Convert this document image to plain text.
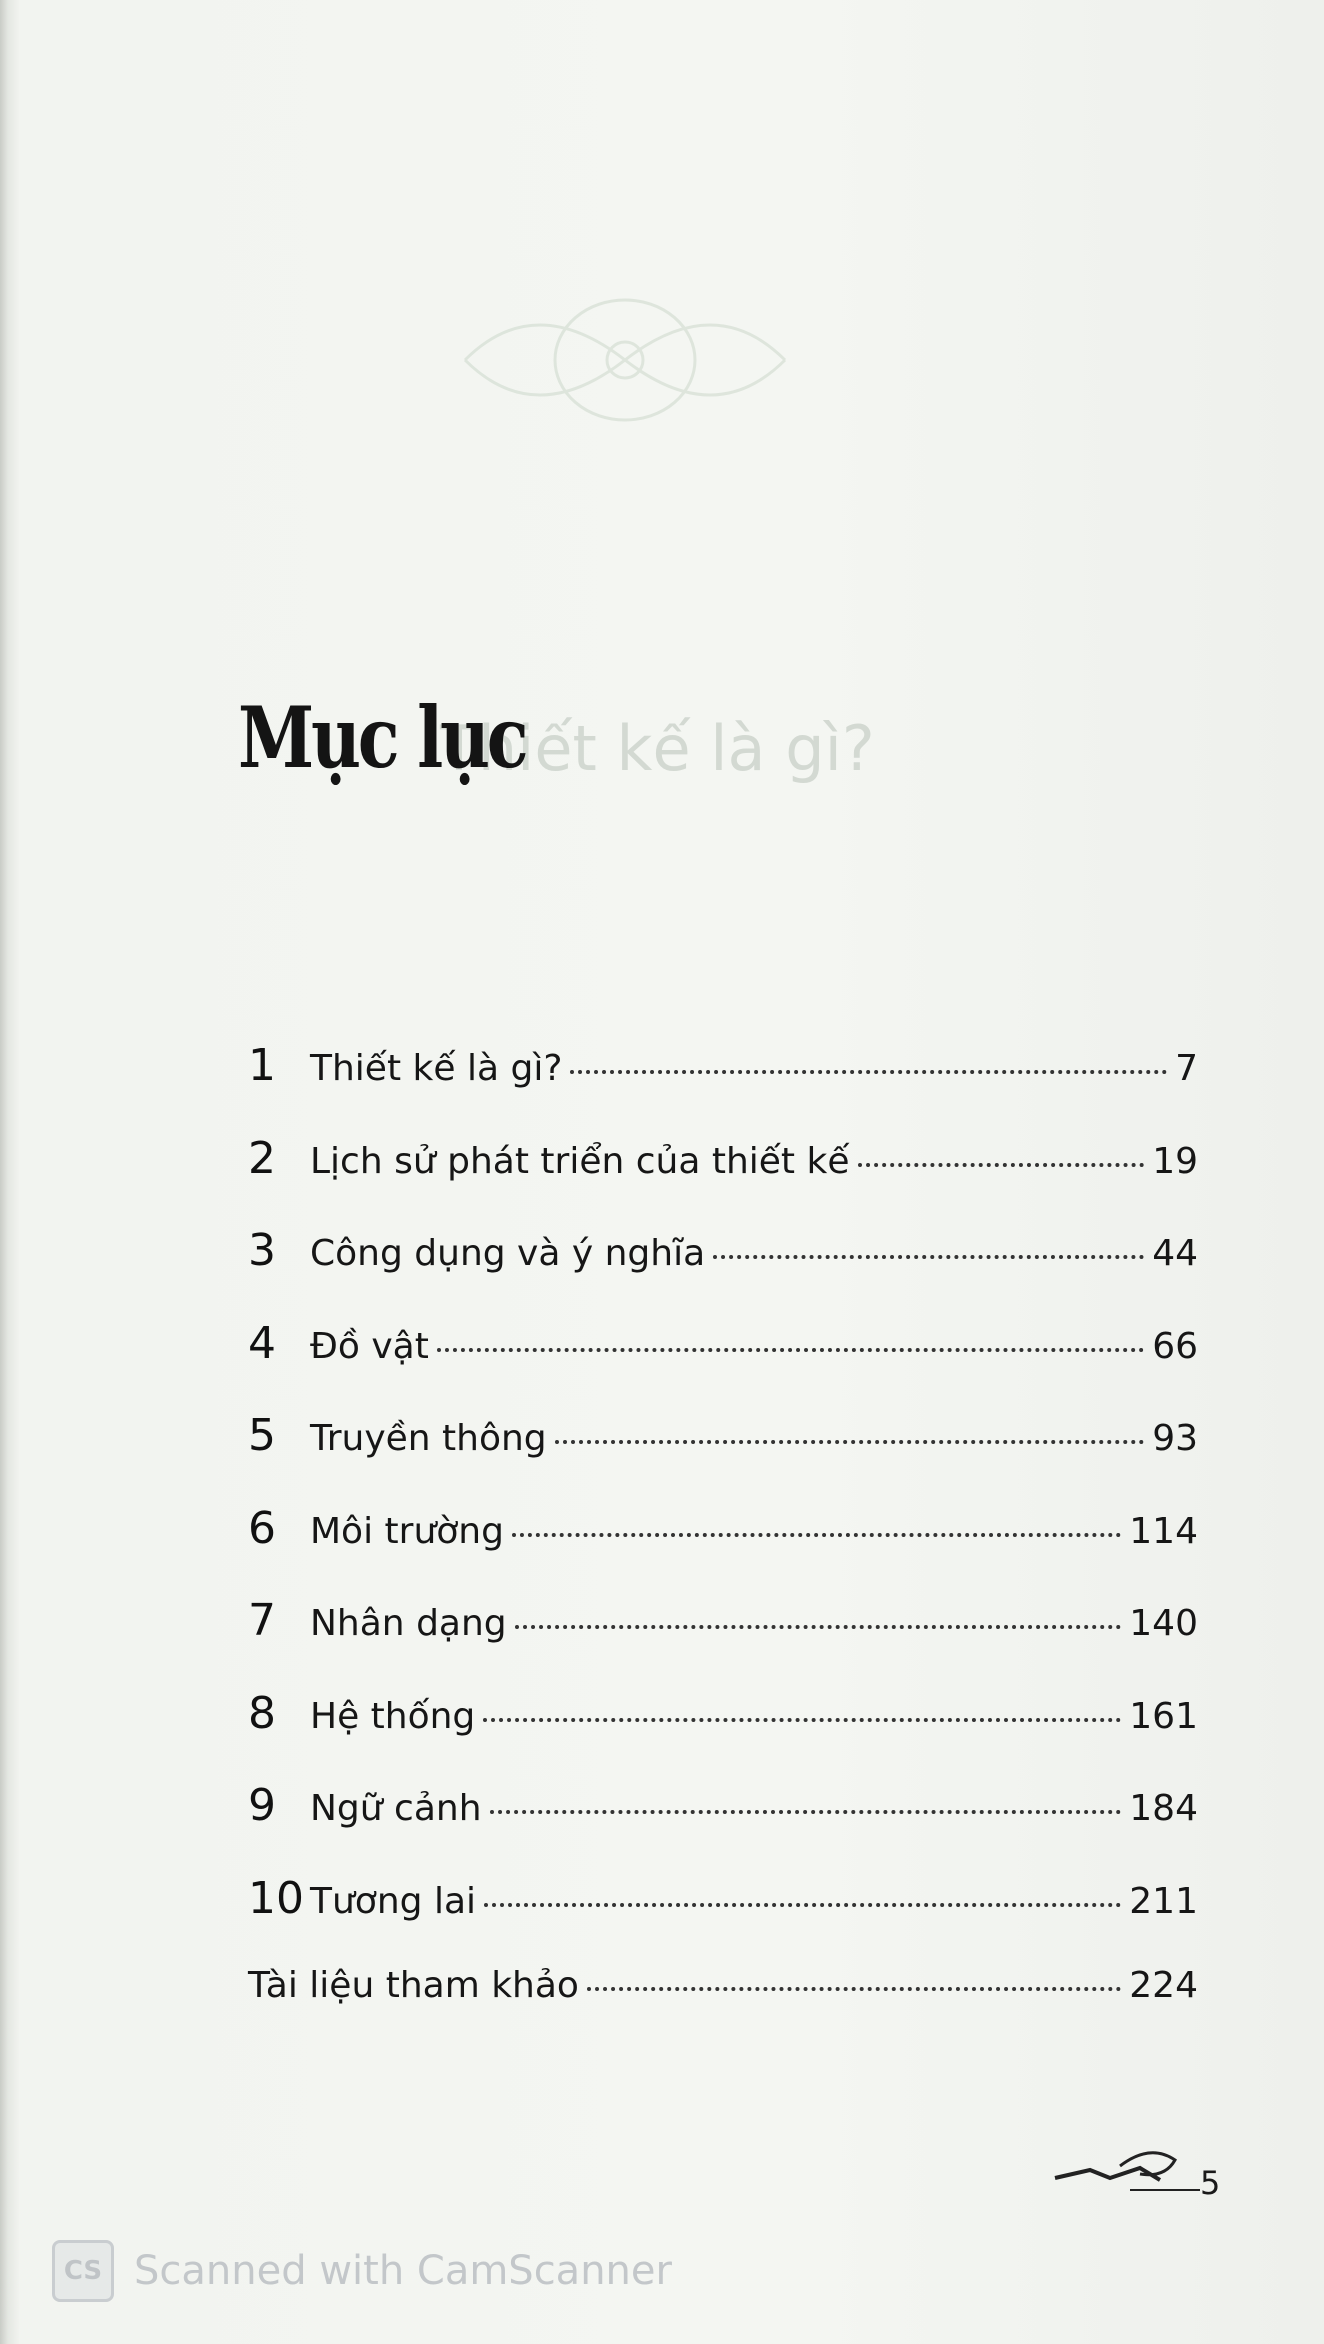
Thiết kế là gì?
Mục lục
1 Thiết kế là gì?	7
2 Lịch sử phát triển của thiết kế	19
3 Công dụng và ý nghĩa	44
4 Đồ vật	66
5 Truyền thông	93
6 Môi trường	114
7 Nhân dạng	140
8 Hệ thống	161
9 Ngữ cảnh	184
10 Tương lai	211
Tài liệu tham khảo	224
5
CS Scanned with CamScanner
